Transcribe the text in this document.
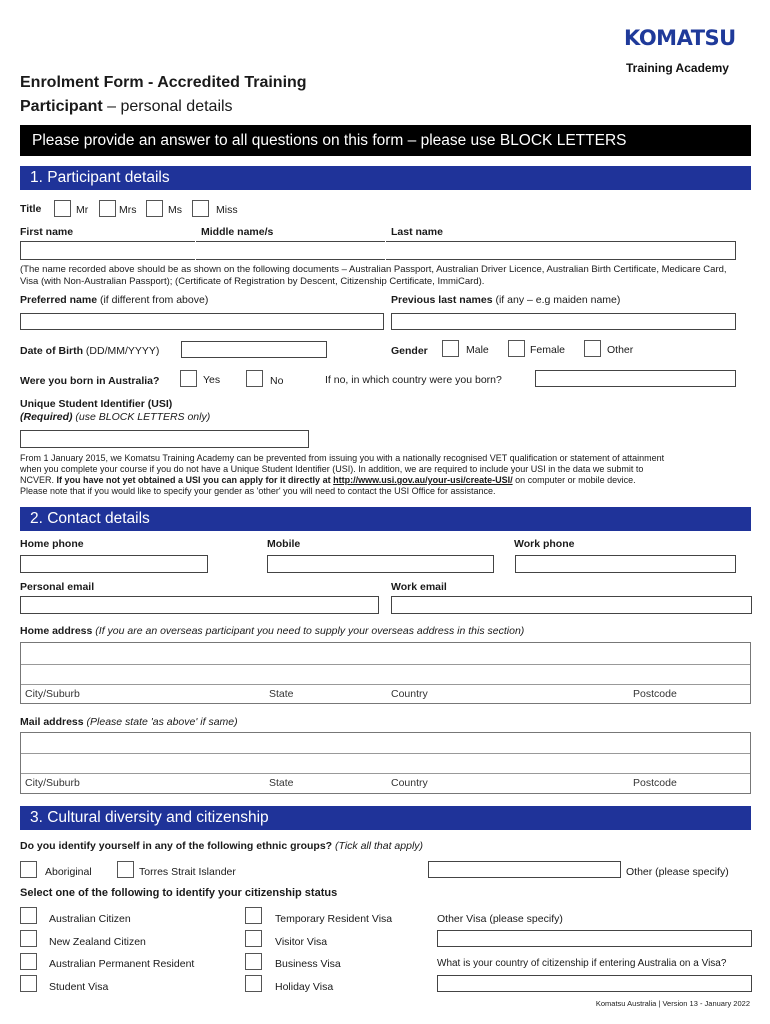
KOMATSU
Training Academy
Enrolment Form - Accredited Training
Participant – personal details
Please provide an answer to all questions on this form – please use BLOCK LETTERS
1. Participant details
Title	Mr	Mrs	Ms	Miss
First name	Middle name/s	Last name
(The name recorded above should be as shown on the following documents – Australian Passport, Australian Driver Licence, Australian Birth Certificate, Medicare Card, Visa (with Non-Australian Passport); (Certificate of Registration by Descent, Citizenship Certificate, ImmiCard).
Preferred name (if different from above)	Previous last names (if any – e.g maiden name)
Date of Birth (DD/MM/YYYY)	Gender	Male	Female	Other
Were you born in Australia?	Yes	No	If no, in which country were you born?
Unique Student Identifier (USI)
(Required) (use BLOCK LETTERS only)
From 1 January 2015, we Komatsu Training Academy can be prevented from issuing you with a nationally recognised VET qualification or statement of attainment
when you complete your course if you do not have a Unique Student Identifier (USI). In addition, we are required to include your USI in the data we submit to
NCVER. If you have not yet obtained a USI you can apply for it directly at http://www.usi.gov.au/your-usi/create-USI/ on computer or mobile device.
Please note that if you would like to specify your gender as 'other' you will need to contact the USI Office for assistance.
2. Contact details
Home phone	Mobile	Work phone
Personal email	Work email
Home address (If you are an overseas participant you need to supply your overseas address in this section)
City/Suburb	State	Country	Postcode
Mail address (Please state 'as above' if same)
City/Suburb	State	Country	Postcode
3. Cultural diversity and citizenship
Do you identify yourself in any of the following ethnic groups? (Tick all that apply)
Aboriginal	Torres Strait Islander	Other (please specify)
Select one of the following to identify your citizenship status
Australian Citizen
New Zealand Citizen
Australian Permanent Resident
Student Visa
Temporary Resident Visa
Visitor Visa
Business Visa
Holiday Visa
Other Visa (please specify)
What is your country of citizenship if entering Australia on a Visa?
Komatsu Australia | Version 13 - January 2022
